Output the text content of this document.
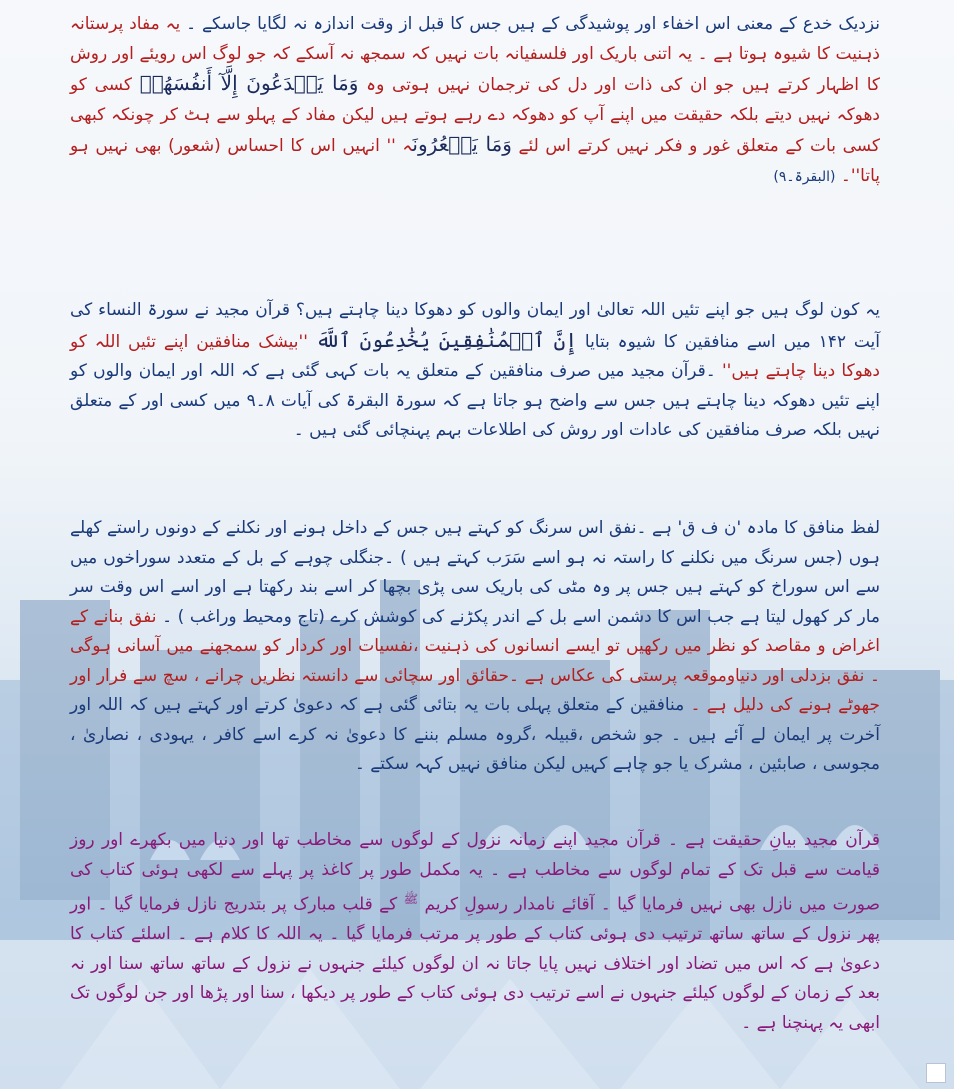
نزدیک خدع کے معنی اس اخفاء اور پوشیدگی کے ہیں جس کا قبل از وقت اندازہ نہ لگایا جاسکے ۔ یہ مفاد پرستانہ ذہنیت کا شیوہ ہوتا ہے ۔ یہ اتنی باریک اور فلسفیانہ بات نہیں کہ سمجھ نہ آسکے کہ جو لوگ اس رویئے اور روش کا اظہار کرتے ہیں جو ان کی ذات اور دل کی ترجمان نہیں ہوتی وہ وَمَا يَخۡدَعُونَ إِلَّآ أَنفُسَهُمۡ کسی کو دھوکہ نہیں دیتے بلکہ حقیقت میں اپنے آپ کو دھوکہ دے رہے ہوتے ہیں لیکن مفاد کے پہلو سے ہٹ کر چونکہ کبھی کسی بات کے متعلق غور و فکر نہیں کرتے اس لئے وَمَا يَشۡعُرُونَہ '' انہیں اس کا احساس (شعور) بھی نہیں ہو پاتا''۔ (البقرۃ۔۹)
یہ کون لوگ ہیں جو اپنے تئیں اللہ تعالیٰ اور ایمان والوں کو دھوکا دینا چاہتے ہیں؟ قرآن مجید نے سورۃ النساء کی آیت ۱۴۲ میں اسے منافقین کا شیوہ بتایا إِنَّ ٱلۡمُنَٰفِقِينَ يُخَٰدِعُونَ ٱللَّهَ ''بیشک منافقین اپنے تئیں اللہ کو دھوکا دینا چاہتے ہیں'' ۔قرآن مجید میں صرف منافقین کے متعلق یہ بات کہی گئی ہے کہ اللہ اور ایمان والوں کو اپنے تئیں دھوکہ دینا چاہتے ہیں جس سے واضح ہو جاتا ہے کہ سورۃ البقرۃ کی آیات ۸۔۹ میں کسی اور کے متعلق نہیں بلکہ صرف منافقین کی عادات اور روش کی اطلاعات بہم پہنچائی گئی ہیں ۔
لفظ منافق کا مادہ 'ن ف ق' ہے ۔نفق اس سرنگ کو کہتے ہیں جس کے داخل ہونے اور نکلنے کے دونوں راستے کھلے ہوں (جس سرنگ میں نکلنے کا راستہ نہ ہو اسے سَرَب کہتے ہیں ) ۔جنگلی چوہے کے بل کے متعدد سوراخوں میں سے اس سوراخ کو کہتے ہیں جس پر وہ مٹی کی باریک سی پڑی بچھا کر اسے بند رکھتا ہے اور اسے اس وقت سر مار کر کھول لیتا ہے جب اس کا دشمن اسے بل کے اندر پکڑنے کی کوشش کرے (تاج ومحیط وراغب ) ۔ نفق بنانے کے اغراض و مقاصد کو نظر میں رکھیں تو ایسے انسانوں کی ذہنیت ،نفسیات اور کردار کو سمجھنے میں آسانی ہوگی ۔ نفق بزدلی اور دنیاوموقعہ پرستی کی عکاس ہے ۔حقائق اور سچائی سے دانستہ نظریں چرانے ، سچ سے فرار اور جھوٹے ہونے کی دلیل ہے ۔ منافقین کے متعلق پہلی بات یہ بتائی گئی ہے کہ دعویٰ کرتے اور کہتے ہیں کہ اللہ اور آخرت پر ایمان لے آئے ہیں ۔ جو شخص ،قبیلہ ،گروہ مسلم بننے کا دعویٰ نہ کرے اسے کافر ، یہودی ، نصاریٰ ، مجوسی ، صابئین ، مشرک یا جو چاہے کہیں لیکن منافق نہیں کہہ سکتے ۔
قرآن مجید بیانِ حقیقت ہے ۔ قرآن مجید اپنے زمانہ نزول کے لوگوں سے مخاطب تھا اور دنیا میں بکھرے اور روز قیامت سے قبل تک کے تمام لوگوں سے مخاطب ہے ۔ یہ مکمل طور پر کاغذ پر پہلے سے لکھی ہوئی کتاب کی صورت میں نازل بھی نہیں فرمایا گیا ۔ آقائے نامدار رسولِ کریم $^ﷺ$ کے قلب مبارک پر بتدریج نازل فرمایا گیا ۔ اور پھر نزول کے ساتھ ساتھ ترتیب دی ہوئی کتاب کے طور پر مرتب فرمایا گیا ۔ یہ اللہ کا کلام ہے ۔ اسلئے کتاب کا دعویٰ ہے کہ اس میں تضاد اور اختلاف نہیں پایا جاتا نہ ان لوگوں کیلئے جنہوں نے نزول کے ساتھ ساتھ سنا اور نہ بعد کے زمان کے لوگوں کیلئے جنہوں نے اسے ترتیب دی ہوئی کتاب کے طور پر دیکھا ، سنا اور پڑھا اور جن لوگوں تک ابھی یہ پہنچنا ہے ۔
